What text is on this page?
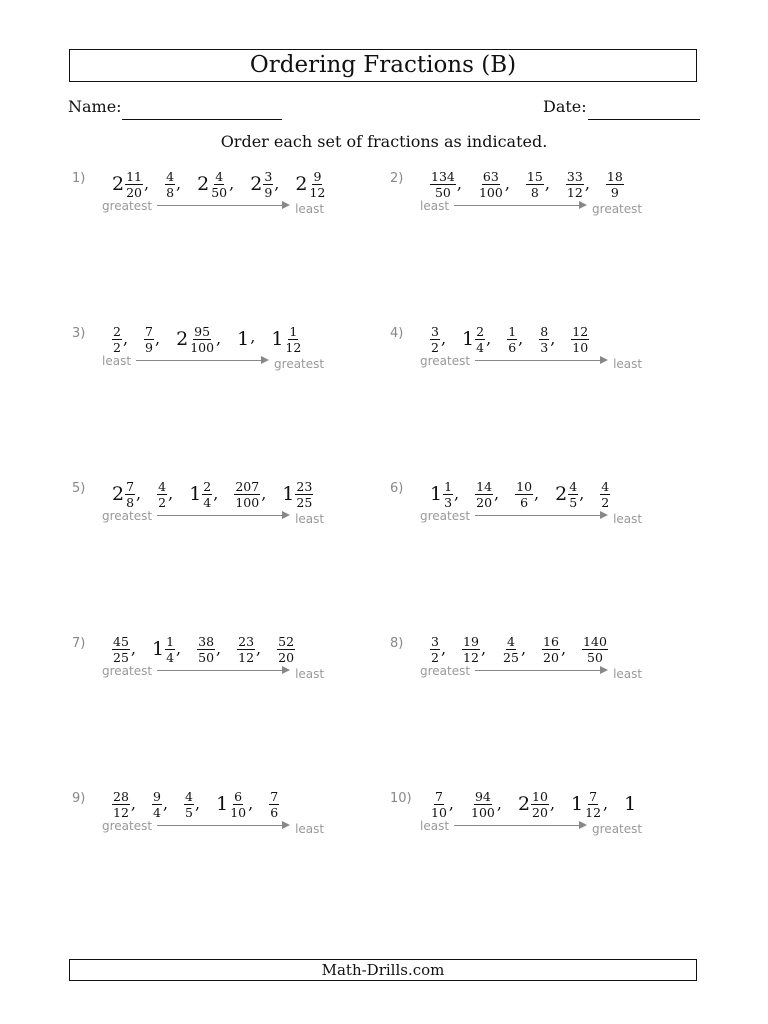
Ordering Fractions (B)
Name:	Date:
Order each set of fractions as indicated.
1) $2 \frac{11}{20}$ , $\frac{4}{8}$ , $2 \frac{4}{50}$ , $2 \frac{3}{9}$ , $2 \frac{9}{12}$
greatest	least
$2) \frac{134}{50}$ , $\frac{63}{100}$ , $\frac{15}{8}$ , $\frac{33}{12}$ , $\frac{18}{9}$
least	greatest
$3) \frac{2}{2}$ , $\frac{7}{9}$ , $2 \frac{95}{100}$ , 1 , $1 \frac{1}{12}$
least	greatest
$4) \frac{3}{2}$ , $1 \frac{2}{4}$ , $\frac{1}{6}$ , $\frac{8}{3}$ , $\frac{12}{10}$
greatest	least
5) $2 \frac{7}{8}$ , $\frac{4}{2}$ , $1 \frac{2}{4}$ , $\frac{207}{100}$ , $1 \frac{23}{25}$
greatest	least
6) $1 \frac{1}{3}$ , $\frac{14}{20}$ , $\frac{10}{6}$ , $2 \frac{4}{5}$ , $\frac{4}{2}$
greatest	least
$7) \frac{45}{25}$ , $1 \frac{1}{4}$ , $\frac{38}{50}$ , $\frac{23}{12}$ , $\frac{52}{20}$
greatest	least
$8) \frac{3}{2}$ , $\frac{19}{12}$ , $\frac{4}{25}$ , $\frac{16}{20}$ , $\frac{140}{50}$
greatest	least
$9) \frac{28}{12}$ , $\frac{9}{4}$ , $\frac{4}{5}$ , $1 \frac{6}{10}$ , $\frac{7}{6}$
greatest	least
$10) \frac{7}{10}$ , $\frac{94}{100}$ , $2 \frac{10}{20}$ , $1 \frac{7}{12}$ , 1
least	greatest
Math-Drills.com
